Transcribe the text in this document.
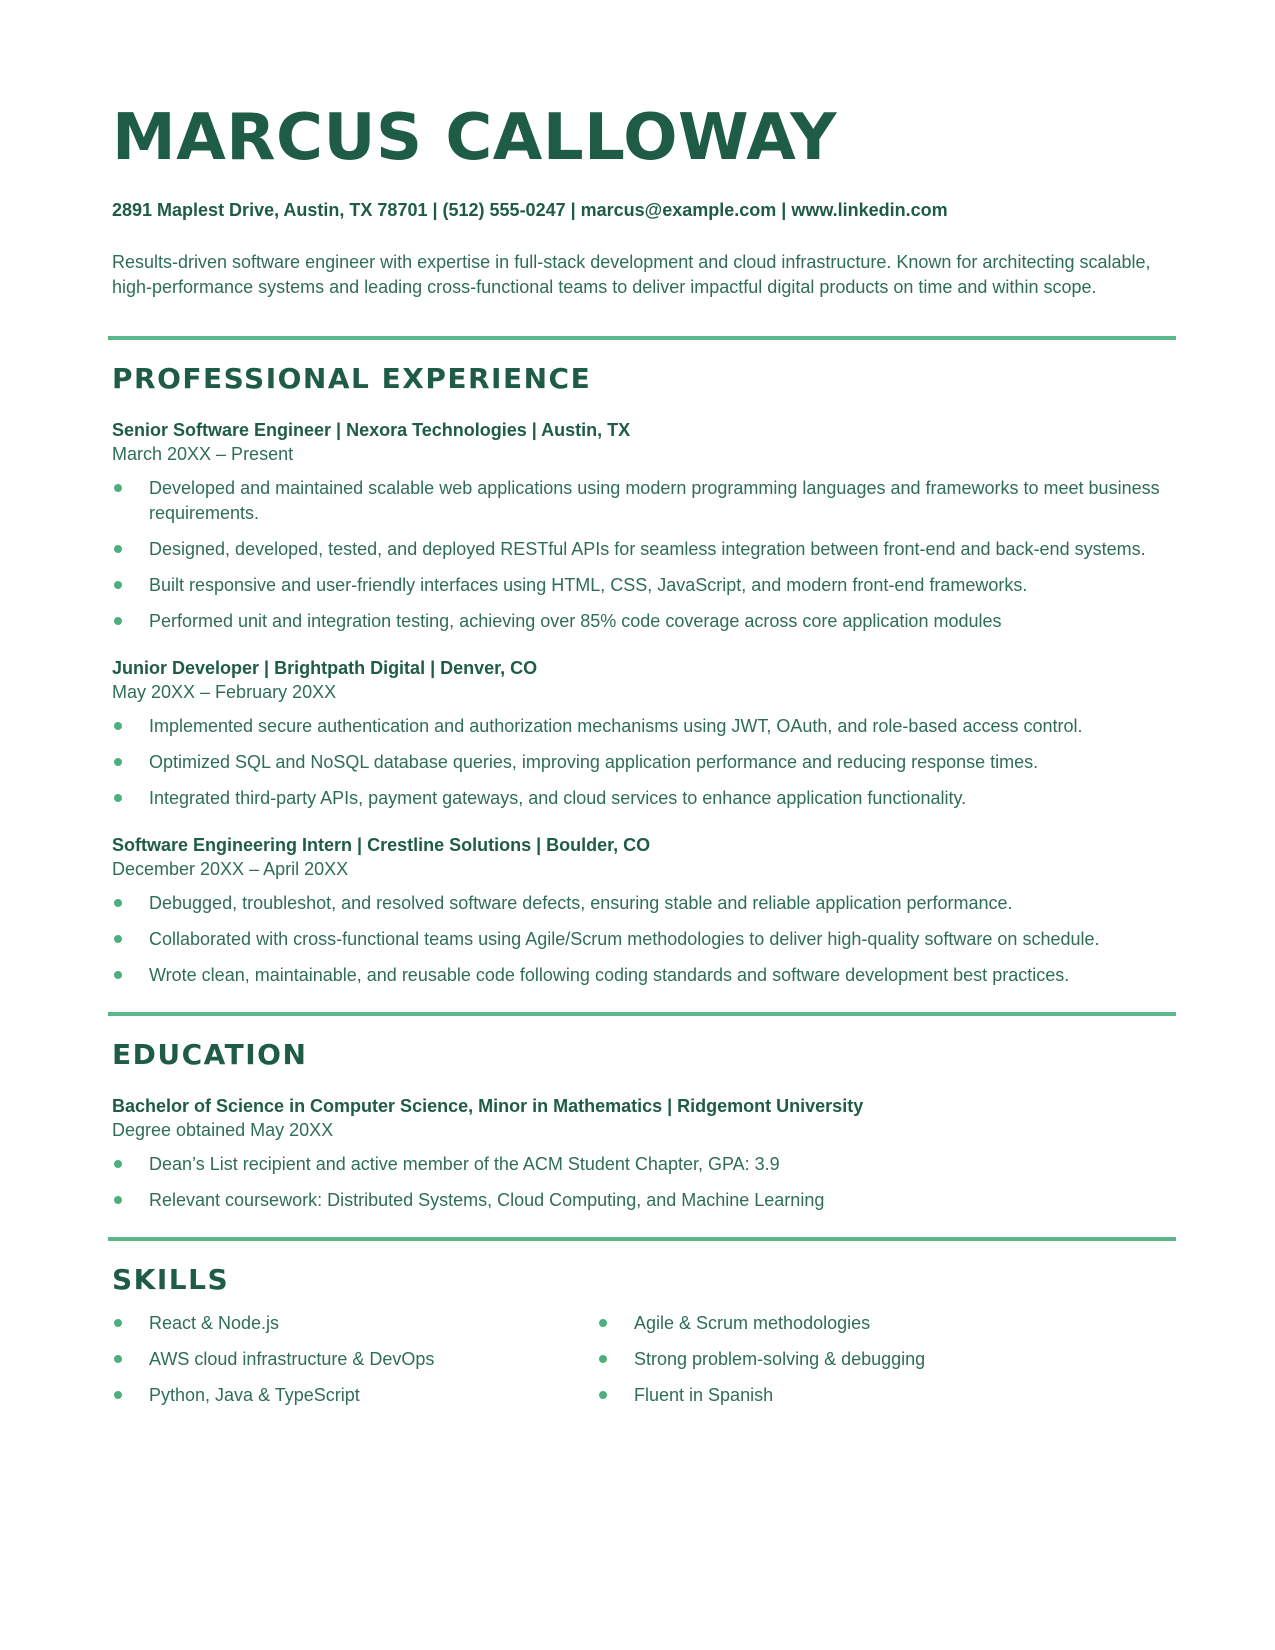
MARCUS CALLOWAY
2891 Maplest Drive, Austin, TX 78701 | (512) 555-0247 | marcus@example.com | www.linkedin.com
Results-driven software engineer with expertise in full-stack development and cloud infrastructure. Known for architecting scalable, high-performance systems and leading cross-functional teams to deliver impactful digital products on time and within scope.
PROFESSIONAL EXPERIENCE
Senior Software Engineer | Nexora Technologies | Austin, TX
March 20XX – Present
Developed and maintained scalable web applications using modern programming languages and frameworks to meet business requirements.
Designed, developed, tested, and deployed RESTful APIs for seamless integration between front-end and back-end systems.
Built responsive and user-friendly interfaces using HTML, CSS, JavaScript, and modern front-end frameworks.
Performed unit and integration testing, achieving over 85% code coverage across core application modules
Junior Developer | Brightpath Digital | Denver, CO
May 20XX – February 20XX
Implemented secure authentication and authorization mechanisms using JWT, OAuth, and role-based access control.
Optimized SQL and NoSQL database queries, improving application performance and reducing response times.
Integrated third-party APIs, payment gateways, and cloud services to enhance application functionality.
Software Engineering Intern | Crestline Solutions | Boulder, CO
December 20XX – April 20XX
Debugged, troubleshot, and resolved software defects, ensuring stable and reliable application performance.
Collaborated with cross-functional teams using Agile/Scrum methodologies to deliver high-quality software on schedule.
Wrote clean, maintainable, and reusable code following coding standards and software development best practices.
EDUCATION
Bachelor of Science in Computer Science, Minor in Mathematics | Ridgemont University
Degree obtained May 20XX
Dean’s List recipient and active member of the ACM Student Chapter, GPA: 3.9
Relevant coursework: Distributed Systems, Cloud Computing, and Machine Learning
SKILLS
React & Node.js
AWS cloud infrastructure & DevOps
Python, Java & TypeScript
Agile & Scrum methodologies
Strong problem-solving & debugging
Fluent in Spanish
